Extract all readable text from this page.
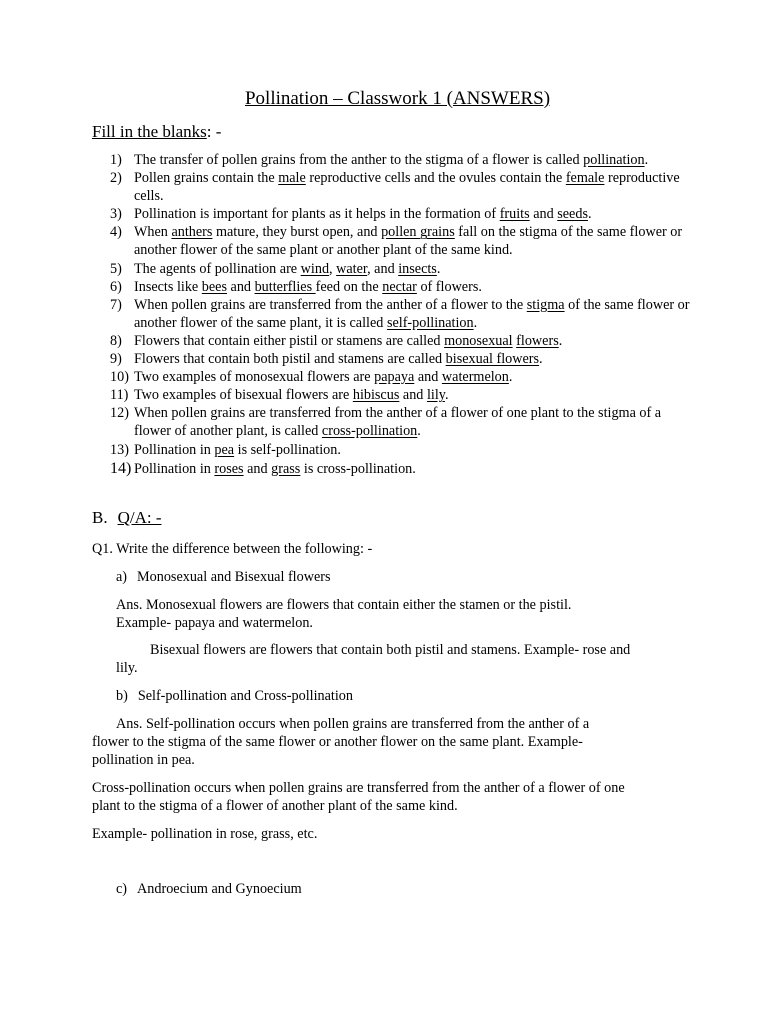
Pollination – Classwork 1 (ANSWERS)
Fill in the blanks: -
1) The transfer of pollen grains from the anther to the stigma of a flower is called pollination.
2) Pollen grains contain the male reproductive cells and the ovules contain the female reproductive cells.
3) Pollination is important for plants as it helps in the formation of fruits and seeds.
4) When anthers mature, they burst open, and pollen grains fall on the stigma of the same flower or another flower of the same plant or another plant of the same kind.
5) The agents of pollination are wind, water, and insects.
6) Insects like bees and butterflies feed on the nectar of flowers.
7) When pollen grains are transferred from the anther of a flower to the stigma of the same flower or another flower of the same plant, it is called self-pollination.
8) Flowers that contain either pistil or stamens are called monosexual flowers.
9) Flowers that contain both pistil and stamens are called bisexual flowers.
10) Two examples of monosexual flowers are papaya and watermelon.
11) Two examples of bisexual flowers are hibiscus and lily.
12) When pollen grains are transferred from the anther of a flower of one plant to the stigma of a flower of another plant, is called cross-pollination.
13) Pollination in pea is self-pollination.
14) Pollination in roses and grass is cross-pollination.
B. Q/A: -
Q1. Write the difference between the following: -
a) Monosexual and Bisexual flowers
Ans. Monosexual flowers are flowers that contain either the stamen or the pistil.
Example- papaya and watermelon.
Bisexual flowers are flowers that contain both pistil and stamens. Example- rose and
lily.
b) Self-pollination and Cross-pollination
Ans. Self-pollination occurs when pollen grains are transferred from the anther of a
flower to the stigma of the same flower or another flower on the same plant. Example-
pollination in pea.
Cross-pollination occurs when pollen grains are transferred from the anther of a flower of one
plant to the stigma of a flower of another plant of the same kind.
Example- pollination in rose, grass, etc.
c) Androecium and Gynoecium
